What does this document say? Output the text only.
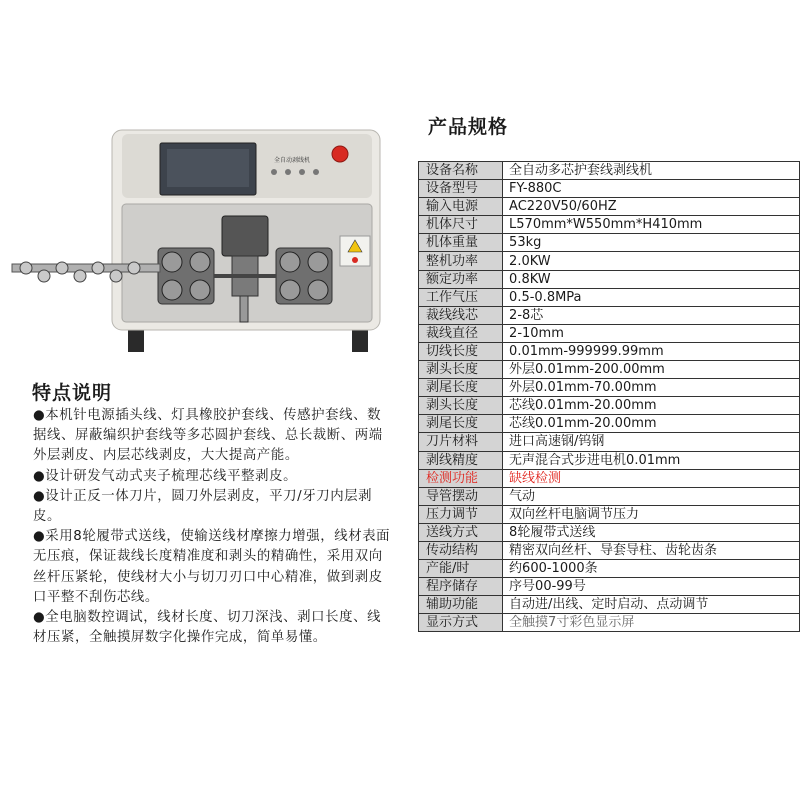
全自动剥线机
产品规格
设备名称	全自动多芯护套线剥线机
设备型号	FY-880C
输入电源	AC220V50/60HZ
机体尺寸	L570mm*W550mm*H410mm
机体重量	53kg
整机功率	2.0KW
额定功率	0.8KW
工作气压	0.5-0.8MPa
裁线线芯	2-8芯
裁线直径	2-10mm
切线长度	0.01mm-999999.99mm
剥头长度	外层0.01mm-200.00mm
剥尾长度	外层0.01mm-70.00mm
剥头长度	芯线0.01mm-20.00mm
剥尾长度	芯线0.01mm-20.00mm
刀片材料	进口高速钢/钨钢
剥线精度	无声混合式步进电机0.01mm
检测功能	缺线检测
导管摆动	气动
压力调节	双向丝杆电脑调节压力
送线方式	8轮履带式送线
传动结构	精密双向丝杆、导套导柱、齿轮齿条
产能/时	约600-1000条
程序储存	序号00-99号
辅助功能	自动进/出线、定时启动、点动调节
显示方式	全触摸7寸彩色显示屏
特点说明

●本机针电源插头线、灯具橡胶护套线、传感护套线、数据线、屏蔽编织护套线等多芯圆护套线、总长裁断、两端外层剥皮、内层芯线剥皮，大大提高产能。

●设计研发气动式夹子梳理芯线平整剥皮。

●设计正反一体刀片，圆刀外层剥皮，平刀/牙刀内层剥皮。

●采用8轮履带式送线，使输送线材摩擦力增强，线材表面无压痕，保证裁线长度精准度和剥头的精确性，采用双向丝杆压紧轮，使线材大小与切刀刃口中心精准，做到剥皮口平整不刮伤芯线。

●全电脑数控调试，线材长度、切刀深浅、剥口长度、线材压紧，全触摸屏数字化操作完成，简单易懂。
